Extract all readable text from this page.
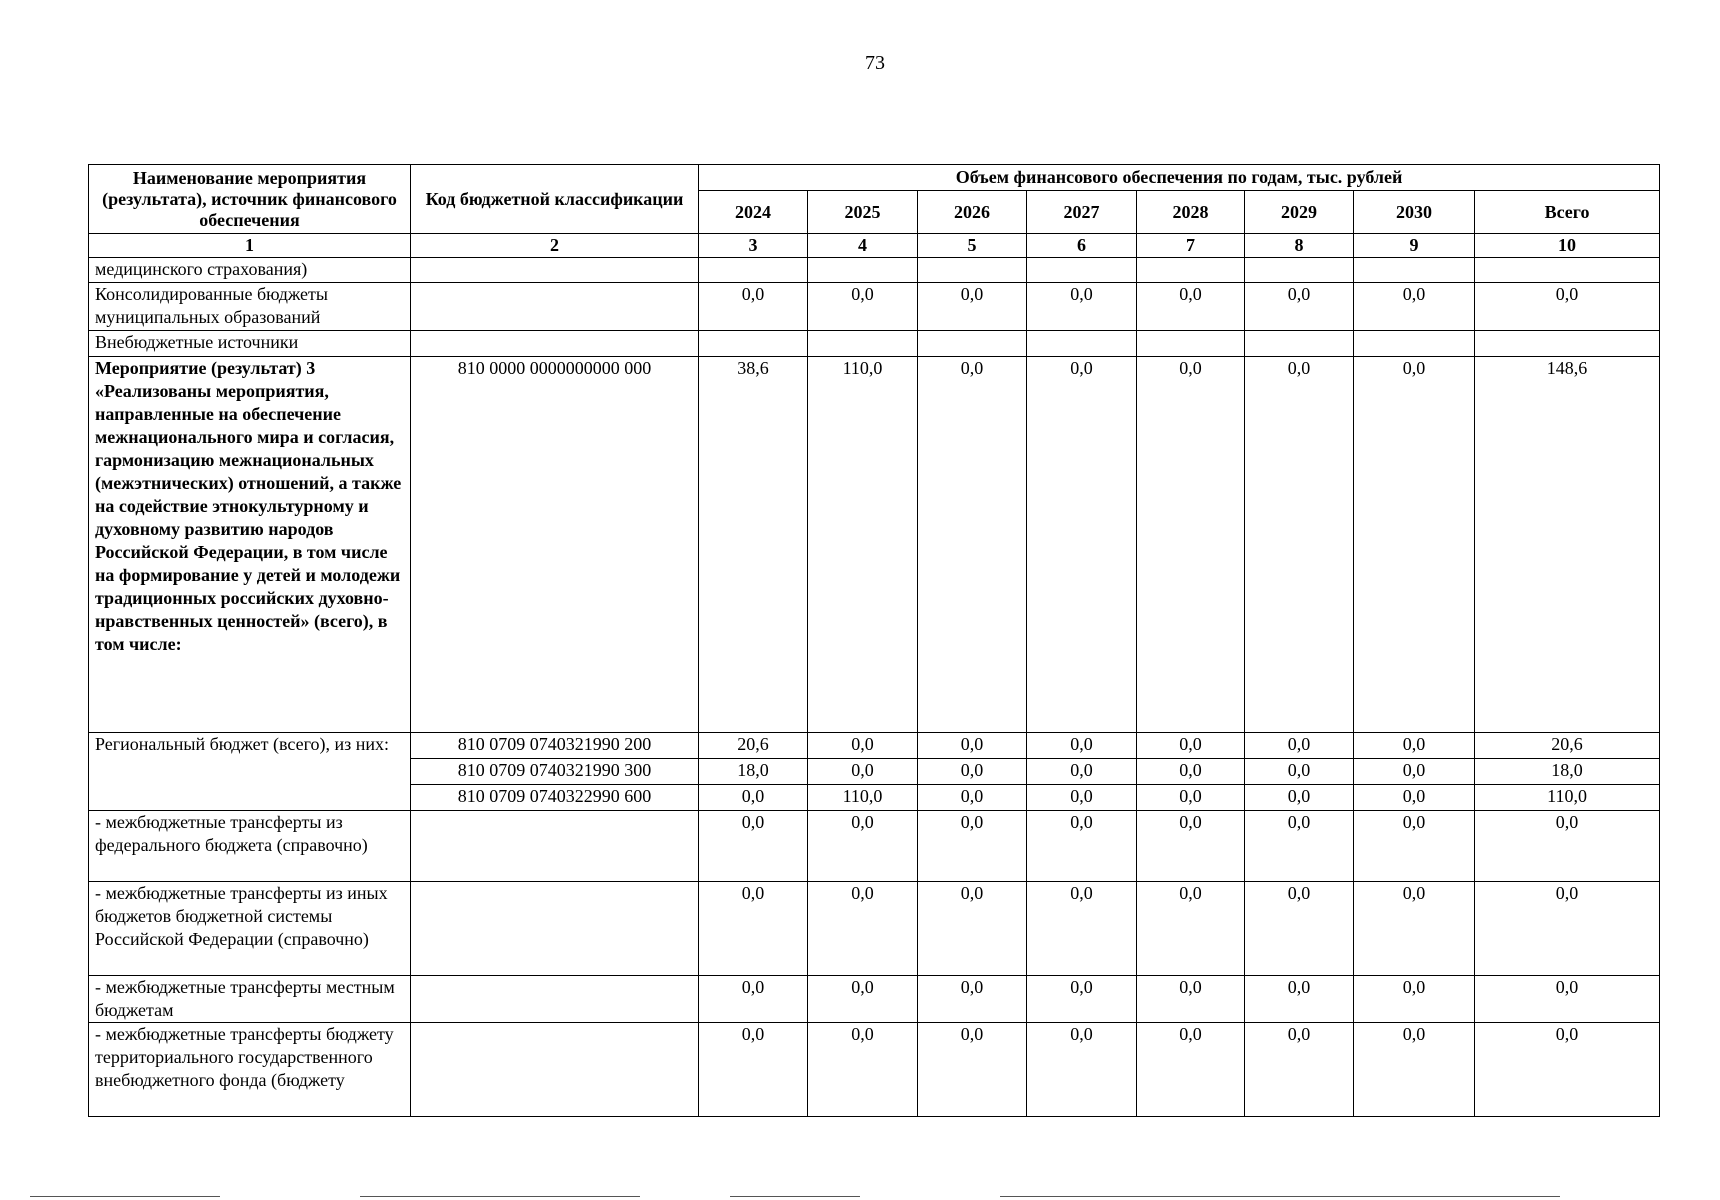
73
Наименование мероприятия (результата), источник финансового обеспечения	Код бюджетной классификации	Объем финансового обеспечения по годам, тыс. рублей							
		2024	2025	2026	2027	2028	2029	2030	Всего
1	2	3	4	5	6	7	8	9	10
медицинского страхования)									
Консолидированные бюджеты муниципальных образований		0,0	0,0	0,0	0,0	0,0	0,0	0,0	0,0
Внебюджетные источники									
Мероприятие (результат) 3 «Реализованы мероприятия, направленные на обеспечение межнационального мира и согласия, гармонизацию межнациональных (межэтнических) отношений, а также на содействие этнокультурному и духовному развитию народов Российской Федерации, в том числе на формирование у детей и молодежи традиционных российских духовно-нравственных ценностей» (всего), в том числе:	810 0000 0000000000 000	38,6	110,0	0,0	0,0	0,0	0,0	0,0	148,6
Региональный бюджет (всего), из них:	810 0709 0740321990 200	20,6	0,0	0,0	0,0	0,0	0,0	0,0	20,6
	810 0709 0740321990 300	18,0	0,0	0,0	0,0	0,0	0,0	0,0	18,0
	810 0709 0740322990 600	0,0	110,0	0,0	0,0	0,0	0,0	0,0	110,0
- межбюджетные трансферты из федерального бюджета (справочно)		0,0	0,0	0,0	0,0	0,0	0,0	0,0	0,0
- межбюджетные трансферты из иных бюджетов бюджетной системы Российской Федерации (справочно)		0,0	0,0	0,0	0,0	0,0	0,0	0,0	0,0
- межбюджетные трансферты местным бюджетам		0,0	0,0	0,0	0,0	0,0	0,0	0,0	0,0
- межбюджетные трансферты бюджету территориального государственного внебюджетного фонда (бюджету		0,0	0,0	0,0	0,0	0,0	0,0	0,0	0,0
